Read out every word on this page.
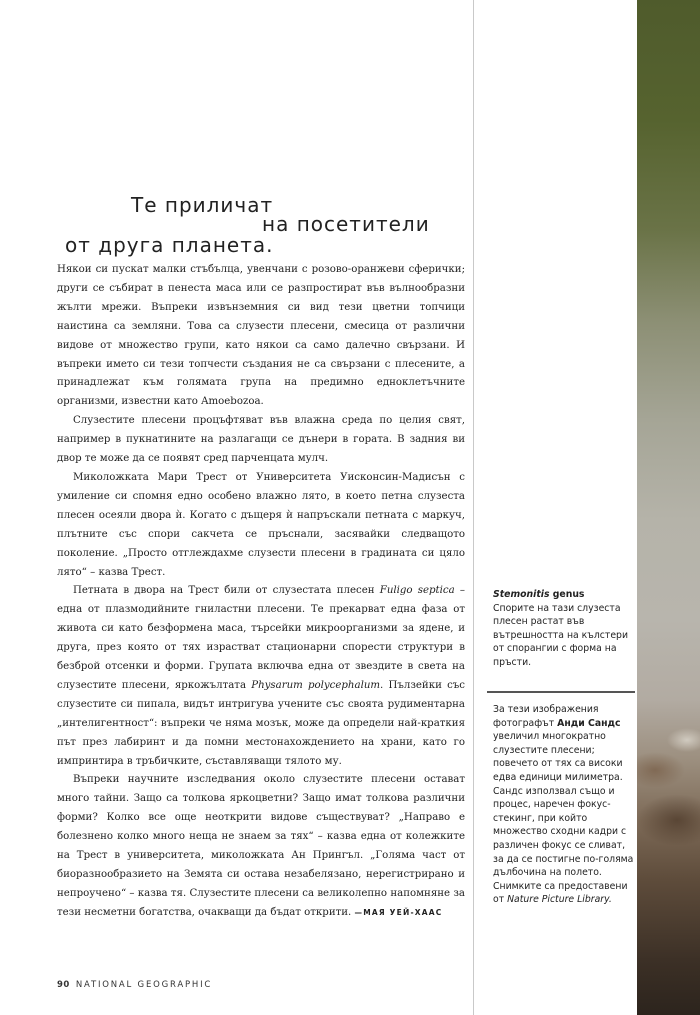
Те приличат
на посетители
от друга планета.

Някои си пускат малки стъбълца, увенчани с розово-оранжеви сферички; други се събират в пенеста маса или се разпростират във вълнообразни жълти мрежи. Въпреки извънземния си вид тези цветни топчици наистина са земляни. Това са слузести плесени, смесица от различни видове от множество групи, като някои са само далечно свързани. И въпреки името си тези топчести създания не са свързани с плесените, а принадлежат към голямата група на предимно едноклетъчните организми, известни като Amoebozoa.

Слузестите плесени процъфтяват във влажна среда по целия свят, например в пукнатините на разлагащи се дънери в гората. В задния ви двор те може да се появят сред парченцата мулч.

Миколожката Мари Трест от Университета Уисконсин-Мадисън с умиление си спомня едно особено влажно лято, в което петна слузеста плесен осеяли двора ѝ. Когато с дъщеря ѝ напръскали петната с маркуч, плътните със спори сакчета се пръснали, засявайки следващото поколение. „Просто отглеждахме слузести плесени в градината си цяло лято“ – казва Трест.

Петната в двора на Трест били от слузестата плесен Fuligo septica – една от плазмодийните гниластни плесени. Те прекарват една фаза от живота си като безформена маса, търсейки микроорганизми за ядене, и друга, през която от тях израстват стационарни спорести структури в безброй отсенки и форми. Групата включва една от звездите в света на слузестите плесени, яркожълтата Physarum polycephalum. Пълзейки със слузестите си пипала, видът интригува учените със своята рудиментарна „интелигентност“: въпреки че няма мозък, може да определи най-краткия път през лабиринт и да помни местонахождението на храни, като го импринтира в тръбичките, съставляващи тялото му.

Въпреки научните изследвания около слузестите плесени остават много тайни. Защо са толкова яркоцветни? Защо имат толкова различни форми? Колко все още неоткрити видове съществуват? „Направо е болезнено колко много неща не знаем за тях“ – казва една от колежките на Трест в университета, миколожката Ан Прингъл. „Голяма част от биоразнообразието на Земята си остава незабелязано, нерегистрирано и непроучено“ – казва тя. Слузестите плесени са великолепно напомняне за тези несметни богатства, очакващи да бъдат открити. —МАЯ УЕЙ-ХААС

Stemonitis genus
Спорите на тази слузеста плесен растат във вътрешността на кълстери от спорангии с форма на пръсти.
За тези изображения фотографът Анди Сандс увеличил многократно слузестите плесени; повечето от тях са високи едва единици милиметра. Сандс използвал също и процес, наречен фокус-стекинг, при който множество сходни кадри с различен фокус се сливат, за да се постигне по-голяма дълбочина на полето. Снимките са предоставени от Nature Picture Library.
90 NATIONAL GEOGRAPHIC
